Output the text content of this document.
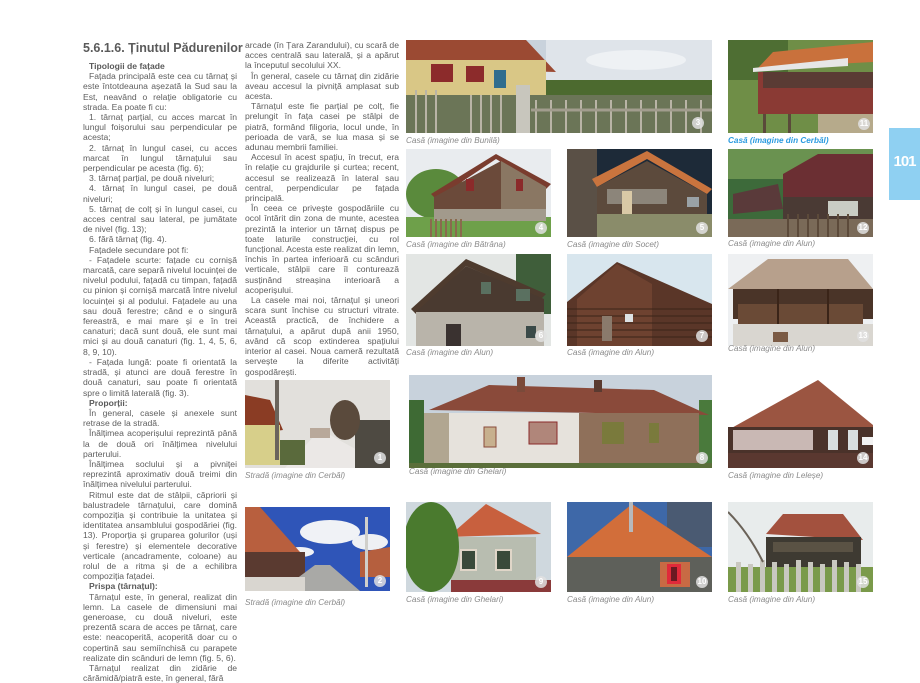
5.6.1.6. Ținutul Pădurenilor

Tipologii de fațade

Fațada principală este cea cu târnaț și este întotdeauna așezată la Sud sau la Est, neavând o relație obligatorie cu strada. Ea poate fi cu:

1. târnaț parțial, cu acces marcat în lungul foișorului sau perpendicular pe acesta;

2. târnaț în lungul casei, cu acces marcat în lungul târnațului sau perpendicular pe acesta (fig. 6);

3. târnaț parțial, pe două niveluri;

4. târnaț în lungul casei, pe două niveluri;

5. târnaț de colț și în lungul casei, cu acces central sau lateral, pe jumătate de nivel (fig. 13);

6. fără târnaț (fig. 4).

Fațadele secundare pot fi:

- Fațadele scurte: fațade cu cornișă marcată, care separă nivelul locuinței de nivelul podului, fațadă cu timpan, fațadă cu pinion și cornișă marcată între nivelul locuinței și al podului. Fațadele au una sau două ferestre; când e o singură fereastră, e mai mare și e în trei canaturi; dacă sunt două, ele sunt mai mici și au două canaturi (fig. 1, 4, 5, 6, 8, 9, 10).

- Fațada lungă: poate fi orientată la stradă, și atunci are două ferestre în două canaturi, sau poate fi orientată spre o limită laterală (fig. 3).

Proporții:

În general, casele și anexele sunt retrase de la stradă.

Înălțimea acoperișului reprezintă până la de două ori înălțimea nivelului parterului.

Înălțimea soclului și a pivniței reprezintă aproximativ două treimi din înălțimea nivelului parterului.

Ritmul este dat de stâlpii, căpriorii și balustradele târnațului, care domină compoziția și contribuie la unitatea și identitatea ansamblului gospodăriei (fig. 13). Proporția și gruparea golurilor (uși și ferestre) și elementele decorative verticale (ancadramente, coloane) au rolul de a ritma și de a echilibra compoziția fațadei.

Prispa (târnațul):

Târnațul este, în general, realizat din lemn. La casele de dimensiuni mai generoase, cu două niveluri, este prezentă scara de acces pe târnaț, care este: neacoperită, acoperită doar cu o copertină sau semiînchisă cu parapete realizate din scânduri de lemn (fig. 5, 6).

Târnațul realizat din zidărie de cărămidă/piatră este, în general, fără

arcade (în Țara Zarandului), cu scară de acces centrală sau laterală, și a apărut la începutul secolului XX.

În general, casele cu târnaț din zidărie aveau accesul la pivniță amplasat sub acesta.

Târnațul este fie parțial pe colț, fie prelungit în fața casei pe stâlpi de piatră, formând filigoria, locul unde, în perioada de vară, se lua masa și se adunau membrii familiei.

Accesul în acest spațiu, în trecut, era în relație cu grajdurile și curtea; recent, accesul se realizează în lateral sau central, perpendicular pe fațada principală.

În ceea ce privește gospodăriile cu ocol întărit din zona de munte, acestea prezintă la interior un târnaț dispus pe toate laturile construcției, cu rol funcțional. Acesta este realizat din lemn, închis în partea inferioară cu scânduri verticale, stâlpii care îl conturează susținând streașina interioară a acoperișului.

La casele mai noi, târnațul și uneori scara sunt închise cu structuri vitrate. Această practică, de închidere a târnațului, a apărut după anii 1950, având că scop extinderea spațiului interior al casei. Noua cameră rezultată servește la diferite activități gospodărești.

3
Casă (imagine din Bunilă)
11
Casă (imagine din Cerbăl)
4
Casă (imagine din Bătrâna)
5
Casă (imagine din Socet)
12
Casă (imagine din Alun)
6
Casă (imagine din Alun)
7
Casă (imagine din Alun)
13
Casă (imagine din Alun)
1
Stradă (imagine din Cerbăl)
8
Casă (imagine din Ghelari)
14
Casă (imagine din Leleșe)
2
Stradă (imagine din Cerbăl)
9
Casă (imagine din Ghelari)
10
Casă (imagine din Alun)
15
Casă (imagine din Alun)
101
